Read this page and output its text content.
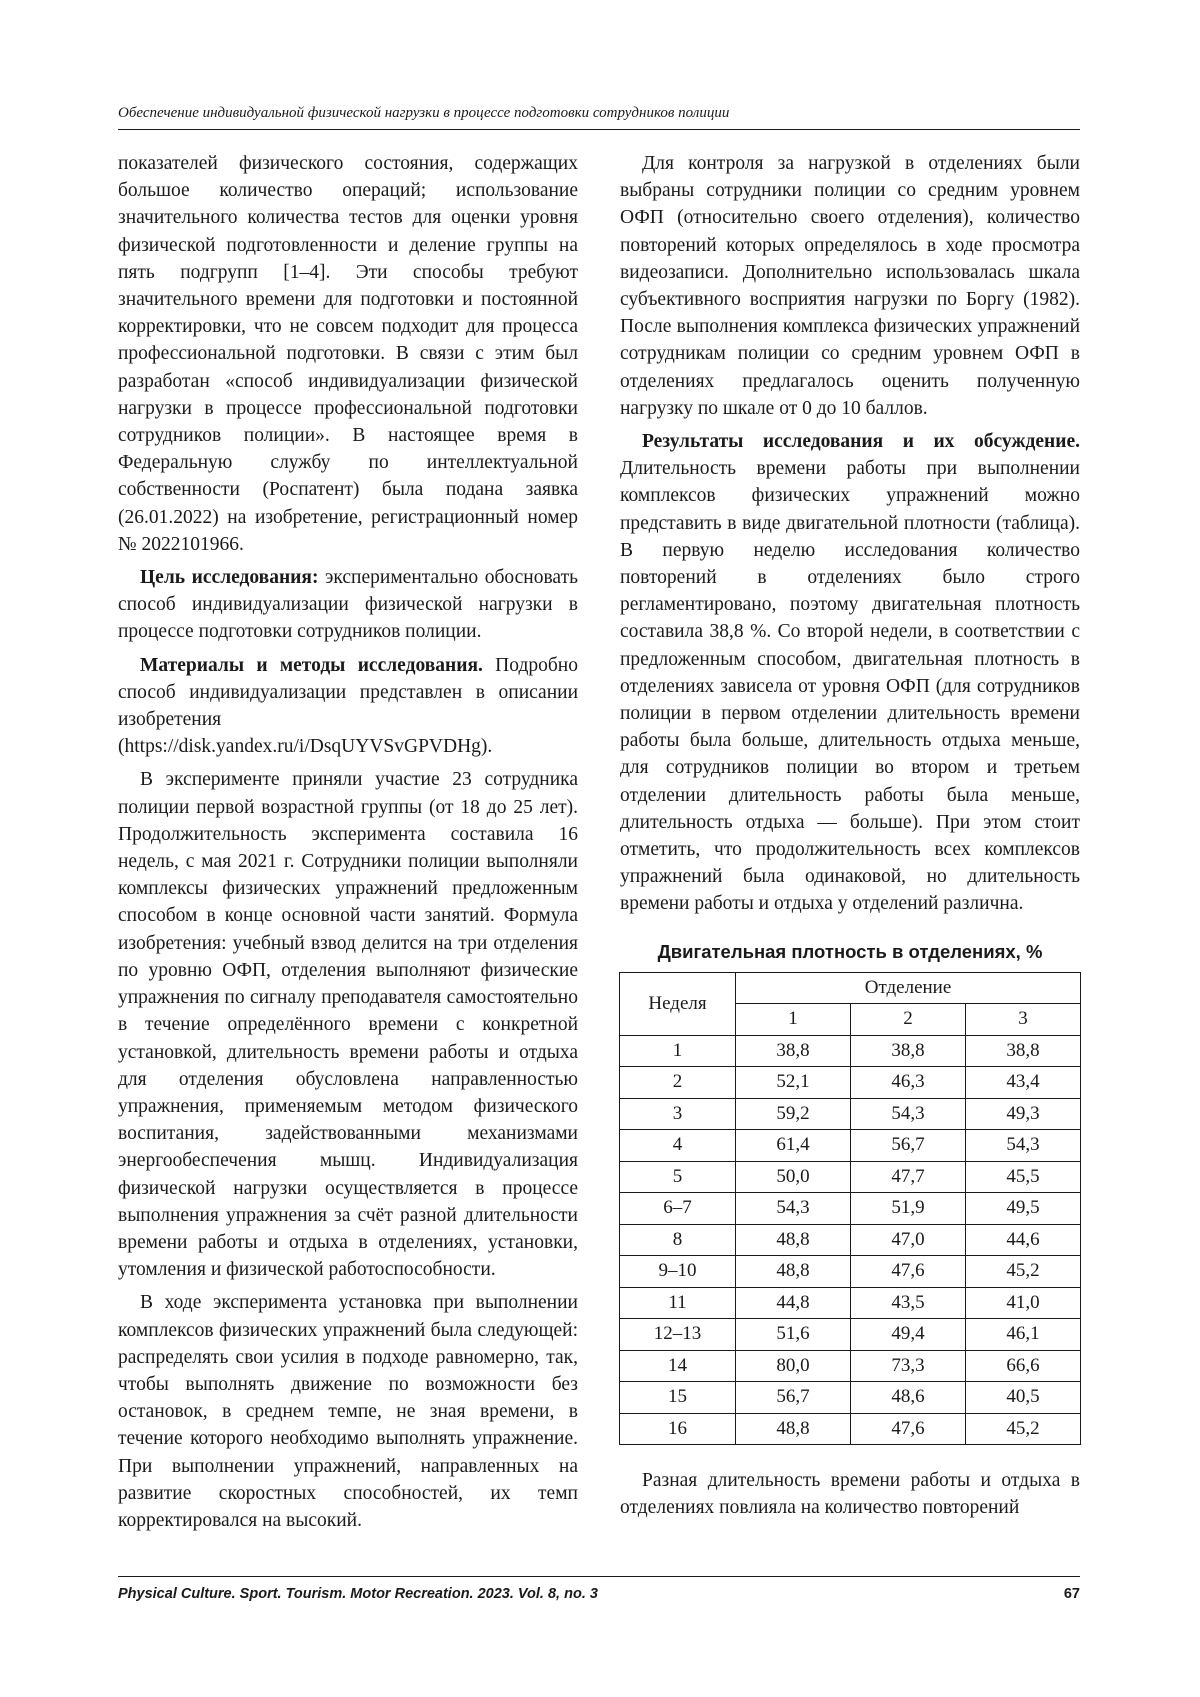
Обеспечение индивидуальной физической нагрузки в процессе подготовки сотрудников полиции

показателей физического состояния, содержащих большое количество операций; использование значительного количества тестов для оценки уровня физической подготовленности и деление группы на пять подгрупп [1–4]. Эти способы требуют значительного времени для подготовки и постоянной корректировки, что не совсем подходит для процесса профессиональной подготовки. В связи с этим был разработан «способ индивидуализации физической нагрузки в процессе профессиональной подготовки сотрудников полиции». В настоящее время в Федеральную службу по интеллектуальной собственности (Роспатент) была подана заявка (26.01.2022) на изобретение, регистрационный номер № 2022101966.

Цель исследования: экспериментально обосновать способ индивидуализации физической нагрузки в процессе подготовки сотрудников полиции.

Материалы и методы исследования. Подробно способ индивидуализации представлен в описании изобретения (https://disk.yandex.ru/i/DsqUYVSvGPVDHg).

В эксперименте приняли участие 23 сотрудника полиции первой возрастной группы (от 18 до 25 лет). Продолжительность эксперимента составила 16 недель, с мая 2021 г. Сотрудники полиции выполняли комплексы физических упражнений предложенным способом в конце основной части занятий. Формула изобретения: учебный взвод делится на три отделения по уровню ОФП, отделения выполняют физические упражнения по сигналу преподавателя самостоятельно в течение определённого времени с конкретной установкой, длительность времени работы и отдыха для отделения обусловлена направленностью упражнения, применяемым методом физического воспитания, задействованными механизмами энергообеспечения мышц. Индивидуализация физической нагрузки осуществляется в процессе выполнения упражнения за счёт разной длительности времени работы и отдыха в отделениях, установки, утомления и физической работоспособности.

В ходе эксперимента установка при выполнении комплексов физических упражнений была следующей: распределять свои усилия в подходе равномерно, так, чтобы выполнять движение по возможности без остановок, в среднем темпе, не зная времени, в течение которого необходимо выполнять упражнение. При выполнении упражнений, направленных на развитие скоростных способностей, их темп корректировался на высокий.

Для контроля за нагрузкой в отделениях были выбраны сотрудники полиции со средним уровнем ОФП (относительно своего отделения), количество повторений которых определялось в ходе просмотра видеозаписи. Дополнительно использовалась шкала субъективного восприятия нагрузки по Боргу (1982). После выполнения комплекса физических упражнений сотрудникам полиции со средним уровнем ОФП в отделениях предлагалось оценить полученную нагрузку по шкале от 0 до 10 баллов.

Результаты исследования и их обсуждение. Длительность времени работы при выполнении комплексов физических упражнений можно представить в виде двигательной плотности (таблица). В первую неделю исследования количество повторений в отделениях было строго регламентировано, поэтому двигательная плотность составила 38,8 %. Со второй недели, в соответствии с предложенным способом, двигательная плотность в отделениях зависела от уровня ОФП (для сотрудников полиции в первом отделении длительность времени работы была больше, длительность отдыха меньше, для сотрудников полиции во втором и третьем отделении длительность работы была меньше, длительность отдыха — больше). При этом стоит отметить, что продолжительность всех комплексов упражнений была одинаковой, но длительность времени работы и отдыха у отделений различна.

Двигательная плотность в отделениях, %
Неделя	Отделение		
	1	2	3
1	38,8	38,8	38,8
2	52,1	46,3	43,4
3	59,2	54,3	49,3
4	61,4	56,7	54,3
5	50,0	47,7	45,5
6–7	54,3	51,9	49,5
8	48,8	47,0	44,6
9–10	48,8	47,6	45,2
11	44,8	43,5	41,0
12–13	51,6	49,4	46,1
14	80,0	73,3	66,6
15	56,7	48,6	40,5
16	48,8	47,6	45,2

Разная длительность времени работы и отдыха в отделениях повлияла на количество повторений

Physical Culture. Sport. Tourism. Motor Recreation. 2023. Vol. 8, no. 3	67
